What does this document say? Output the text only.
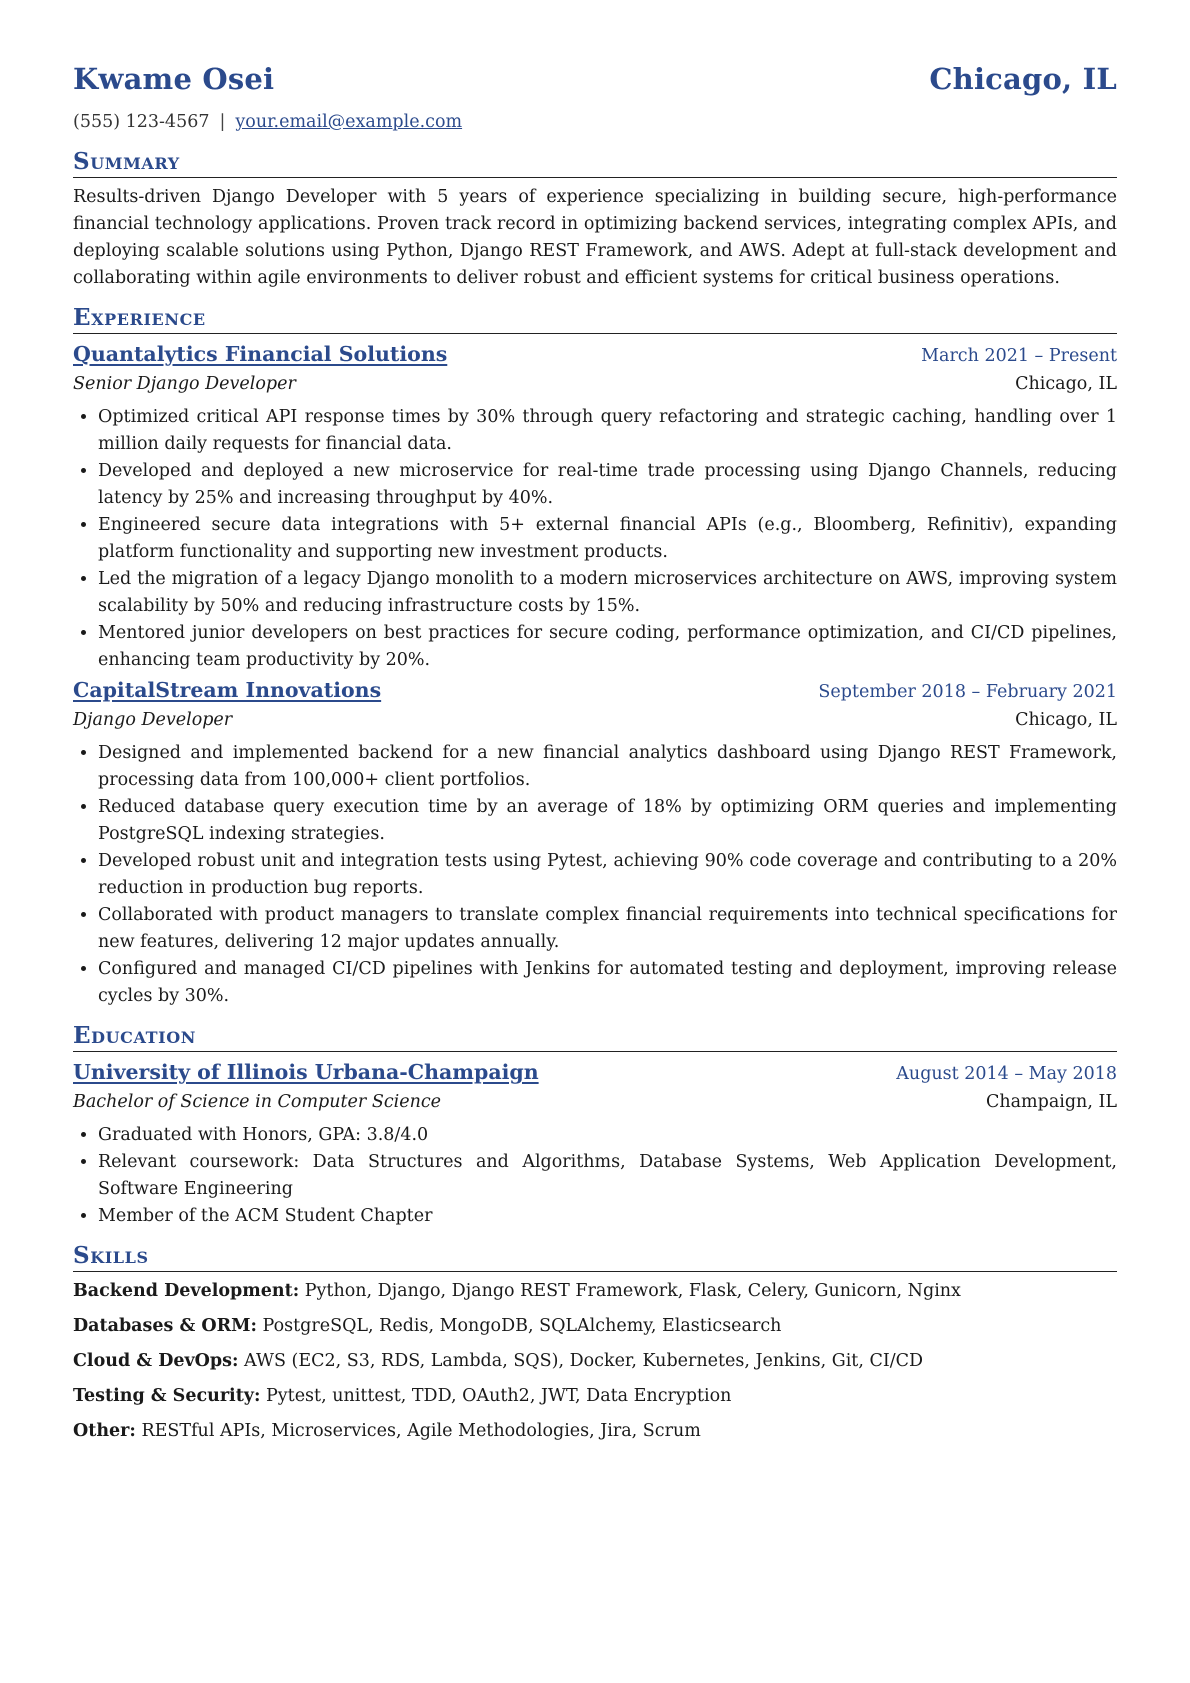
Kwame Osei	Chicago, IL
(555) 123-4567 | your.email@example.com
Summary

Results-driven Django Developer with 5 years of experience specializing in building secure, high-performance financial technology applications. Proven track record in optimizing backend services, integrating complex APIs, and deploying scalable solutions using Python, Django REST Framework, and AWS. Adept at full-stack development and collaborating within agile environments to deliver robust and efficient systems for critical business operations.

Experience
Quantalytics Financial Solutions	March 2021 – Present
Senior Django Developer	Chicago, IL
• Optimized critical API response times by 30% through query refactoring and strategic caching, handling over 1 million daily requests for financial data.
• Developed and deployed a new microservice for real-time trade processing using Django Channels, reducing latency by 25% and increasing throughput by 40%.
• Engineered secure data integrations with 5+ external financial APIs (e.g., Bloomberg, Refinitiv), expanding platform functionality and supporting new investment products.
• Led the migration of a legacy Django monolith to a modern microservices architecture on AWS, improving system scalability by 50% and reducing infrastructure costs by 15%.
• Mentored junior developers on best practices for secure coding, performance optimization, and CI/CD pipelines, enhancing team productivity by 20%.
CapitalStream Innovations	September 2018 – February 2021
Django Developer	Chicago, IL
• Designed and implemented backend for a new financial analytics dashboard using Django REST Framework, processing data from 100,000+ client portfolios.
• Reduced database query execution time by an average of 18% by optimizing ORM queries and implementing PostgreSQL indexing strategies.
• Developed robust unit and integration tests using Pytest, achieving 90% code coverage and contributing to a 20% reduction in production bug reports.
• Collaborated with product managers to translate complex financial requirements into technical specifications for new features, delivering 12 major updates annually.
• Configured and managed CI/CD pipelines with Jenkins for automated testing and deployment, improving release cycles by 30%.
Education
University of Illinois Urbana-Champaign	August 2014 – May 2018
Bachelor of Science in Computer Science	Champaign, IL
• Graduated with Honors, GPA: 3.8/4.0
• Relevant coursework: Data Structures and Algorithms, Database Systems, Web Application Development, Software Engineering
• Member of the ACM Student Chapter
Skills
Backend Development: Python, Django, Django REST Framework, Flask, Celery, Gunicorn, Nginx
Databases & ORM: PostgreSQL, Redis, MongoDB, SQLAlchemy, Elasticsearch
Cloud & DevOps: AWS (EC2, S3, RDS, Lambda, SQS), Docker, Kubernetes, Jenkins, Git, CI/CD
Testing & Security: Pytest, unittest, TDD, OAuth2, JWT, Data Encryption
Other: RESTful APIs, Microservices, Agile Methodologies, Jira, Scrum
